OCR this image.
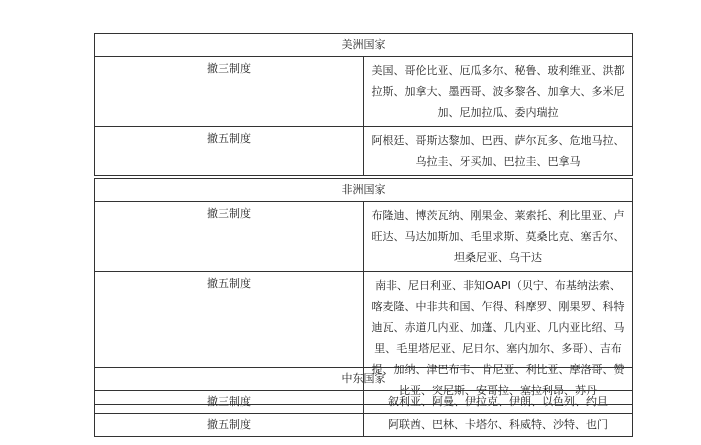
美洲国家	
撤三制度	美国、哥伦比亚、厄瓜多尔、秘鲁、玻利维亚、洪都拉斯、加拿大、墨西哥、波多黎各、加拿大、多米尼加、尼加拉瓜、委内瑞拉
撤五制度	阿根廷、哥斯达黎加、巴西、萨尔瓦多、危地马拉、乌拉圭、牙买加、巴拉圭、巴拿马
非洲国家	
撤三制度	布隆迪、博茨瓦纳、刚果金、莱索托、利比里亚、卢旺达、马达加斯加、毛里求斯、莫桑比克、塞舌尔、坦桑尼亚、乌干达
撤五制度	南非、尼日利亚、非知OAPI（贝宁、布基纳法索、喀麦隆、中非共和国、乍得、科摩罗、刚果罗、科特迪瓦、赤道几内亚、加蓬、几内亚、几内亚比绍、马里、毛里塔尼亚、尼日尔、塞内加尔、多哥）、吉布提、加纳、津巴布韦、肯尼亚、利比亚、摩洛哥、赞比亚、突尼斯、安哥拉、塞拉利昂、苏丹
中东国家	
撤三制度	叙利亚、阿曼、伊拉克、伊朗、以色列、约旦
撤五制度	阿联酋、巴林、卡塔尔、科威特、沙特、也门
